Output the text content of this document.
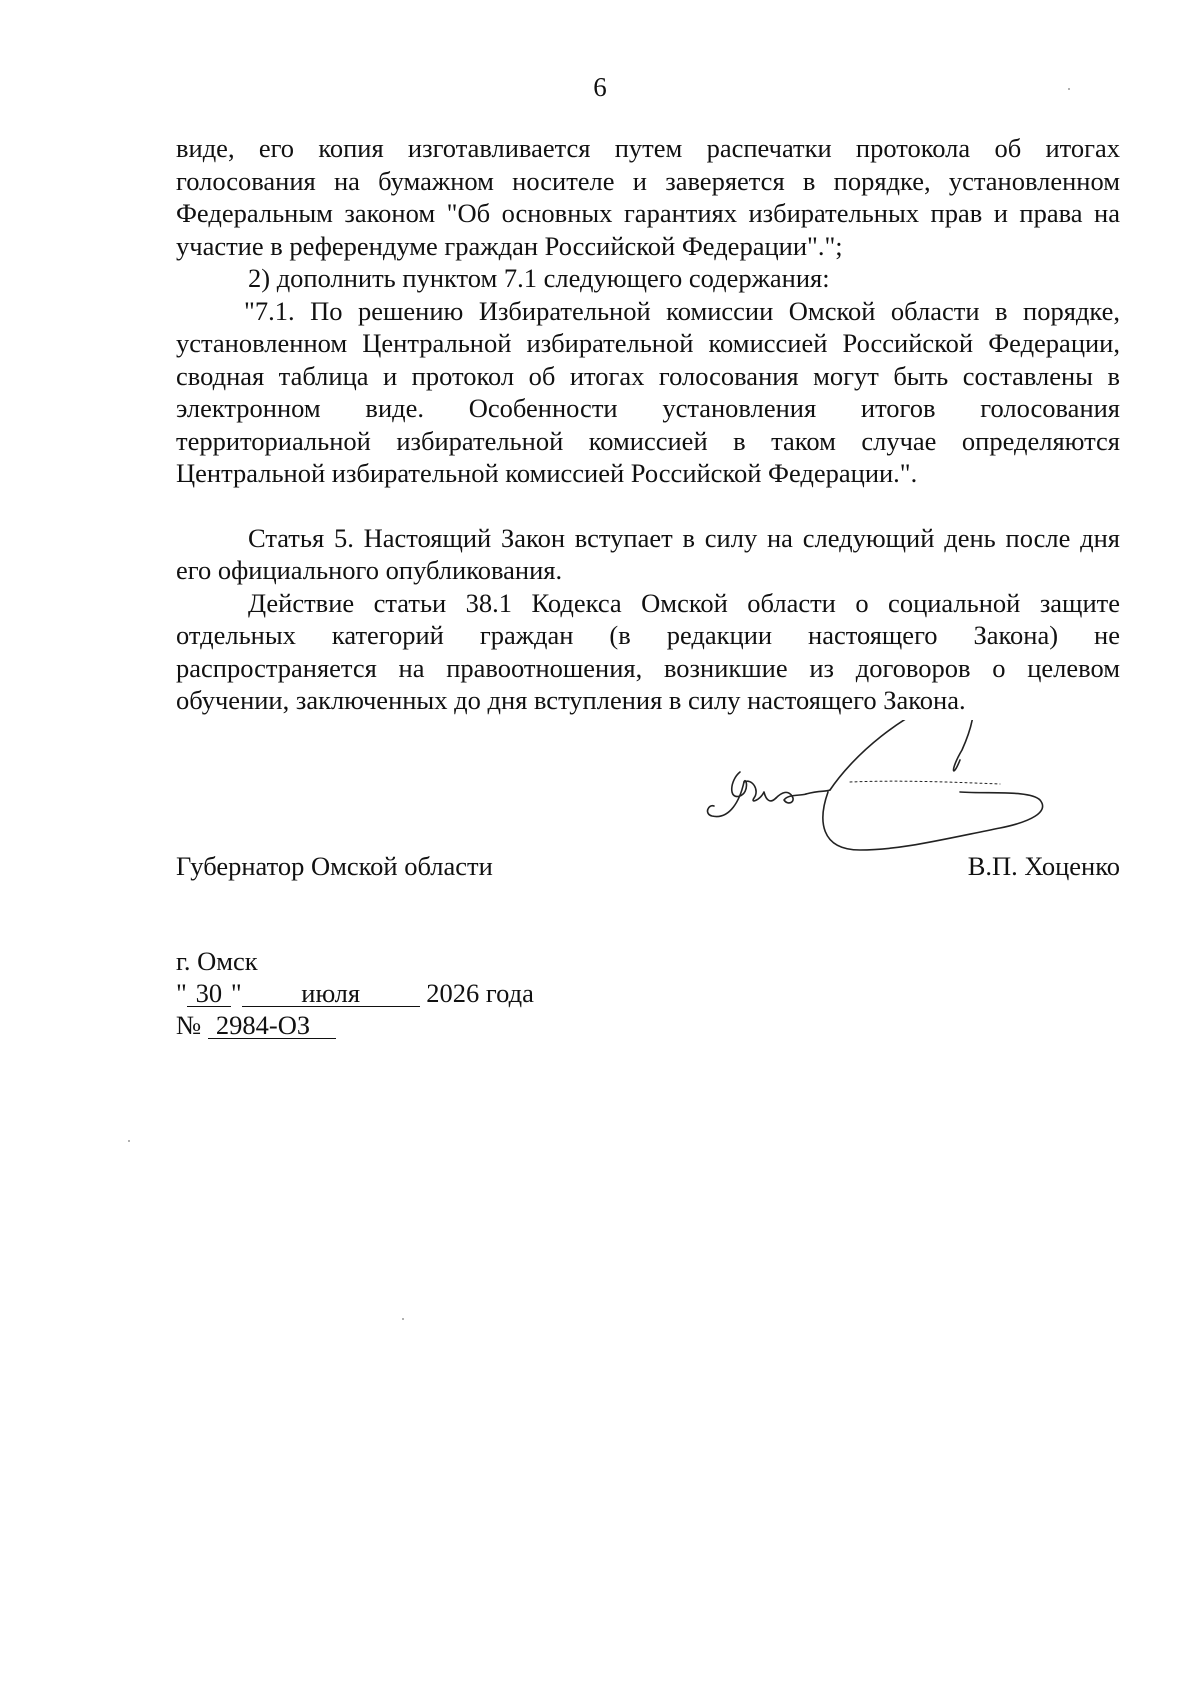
6

виде, его копия изготавливается путем распечатки протокола об итогах голосования на бумажном носителе и заверяется в порядке, установленном Федеральным законом "Об основных гарантиях избирательных прав и права на участие в референдуме граждан Российской Федерации".";

2) дополнить пунктом 7.1 следующего содержания:

"7.1. По решению Избирательной комиссии Омской области в порядке, установленном Центральной избирательной комиссией Российской Федерации, сводная таблица и протокол об итогах голосования могут быть составлены в электронном виде. Особенности установления итогов голосования территориальной избирательной комиссией в таком случае определяются Центральной избирательной комиссией Российской Федерации.".

Статья 5. Настоящий Закон вступает в силу на следующий день после дня его официального опубликования.

Действие статьи 38.1 Кодекса Омской области о социальной защите отдельных категорий граждан (в редакции настоящего Закона) не распространяется на правоотношения, возникшие из договоров о целевом обучении, заключенных до дня вступления в силу настоящего Закона.

Губернатор Омской области	В.П. Хоценко
г. Омск
" 30 " июля	2026 года
№ 2984-ОЗ
